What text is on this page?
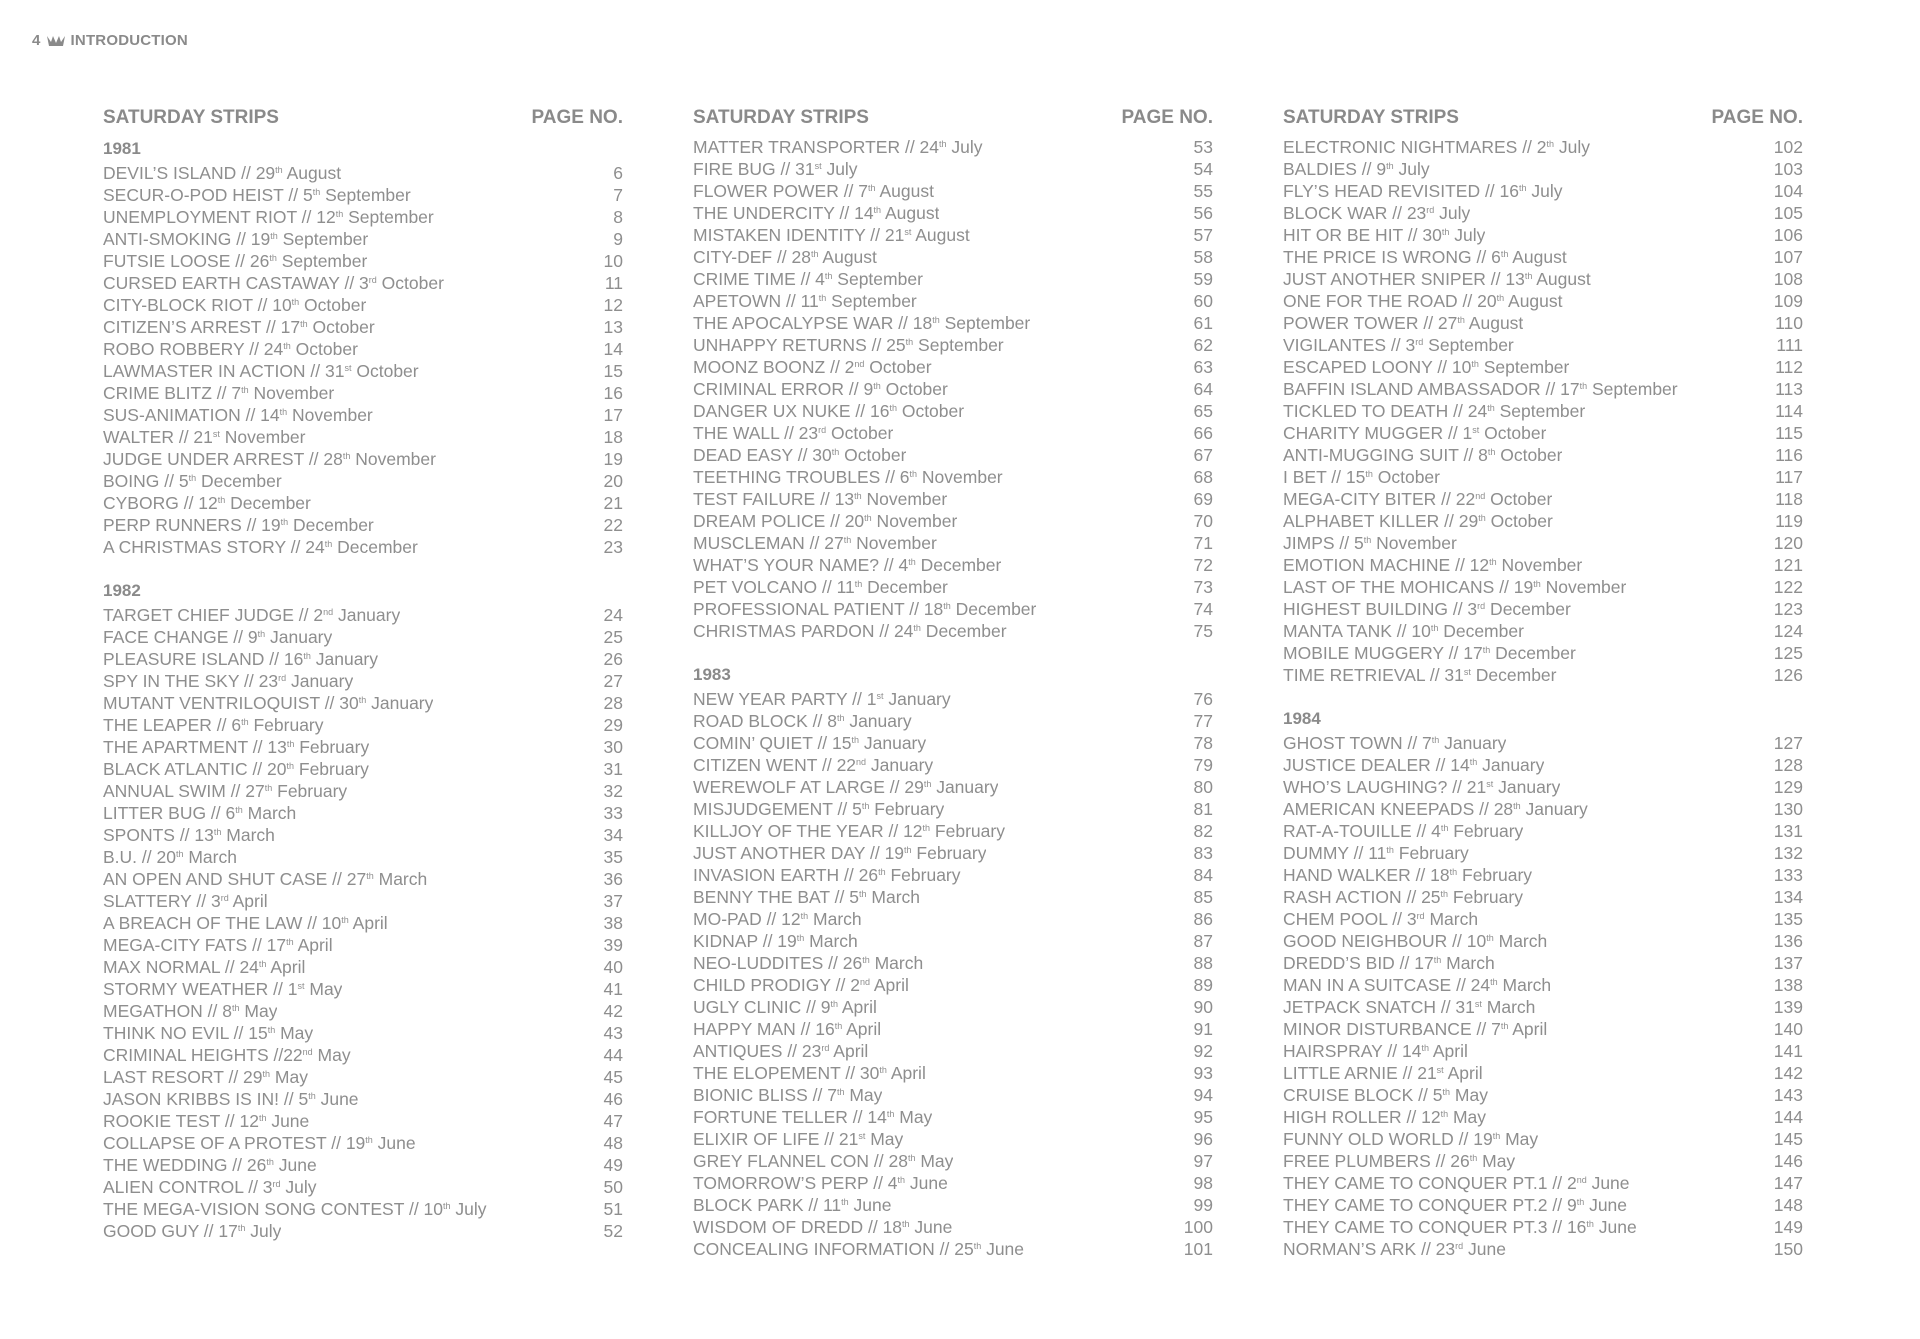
4 INTRODUCTION
SATURDAY STRIPS	PAGE NO.
1981
DEVIL’S ISLAND // 29th August	6
SECUR-O-POD HEIST // 5th September	7
UNEMPLOYMENT RIOT // 12th September	8
ANTI-SMOKING // 19th September	9
FUTSIE LOOSE // 26th September	10
CURSED EARTH CASTAWAY // 3rd October	11
CITY-BLOCK RIOT // 10th October	12
CITIZEN’S ARREST // 17th October	13
ROBO ROBBERY // 24th October	14
LAWMASTER IN ACTION // 31st October	15
CRIME BLITZ // 7th November	16
SUS-ANIMATION // 14th November	17
WALTER // 21st November	18
JUDGE UNDER ARREST // 28th November	19
BOING // 5th December	20
CYBORG // 12th December	21
PERP RUNNERS // 19th December	22
A CHRISTMAS STORY // 24th December	23
1982
TARGET CHIEF JUDGE // 2nd January	24
FACE CHANGE // 9th January	25
PLEASURE ISLAND // 16th January	26
SPY IN THE SKY // 23rd January	27
MUTANT VENTRILOQUIST // 30th January	28
THE LEAPER // 6th February	29
THE APARTMENT // 13th February	30
BLACK ATLANTIC // 20th February	31
ANNUAL SWIM // 27th February	32
LITTER BUG // 6th March	33
SPONTS // 13th March	34
B.U. // 20th March	35
AN OPEN AND SHUT CASE // 27th March	36
SLATTERY // 3rd April	37
A BREACH OF THE LAW // 10th April	38
MEGA-CITY FATS // 17th April	39
MAX NORMAL // 24th April	40
STORMY WEATHER // 1st May	41
MEGATHON // 8th May	42
THINK NO EVIL // 15th May	43
CRIMINAL HEIGHTS //22nd May	44
LAST RESORT // 29th May	45
JASON KRIBBS IS IN! // 5th June	46
ROOKIE TEST // 12th June	47
COLLAPSE OF A PROTEST // 19th June	48
THE WEDDING // 26th June	49
ALIEN CONTROL // 3rd July	50
THE MEGA-VISION SONG CONTEST // 10th July	51
GOOD GUY // 17th July	52
SATURDAY STRIPS	PAGE NO.
MATTER TRANSPORTER // 24th July	53
FIRE BUG // 31st July	54
FLOWER POWER // 7th August	55
THE UNDERCITY // 14th August	56
MISTAKEN IDENTITY // 21st August	57
CITY-DEF // 28th August	58
CRIME TIME // 4th September	59
APETOWN // 11th September	60
THE APOCALYPSE WAR // 18th September	61
UNHAPPY RETURNS // 25th September	62
MOONZ BOONZ // 2nd October	63
CRIMINAL ERROR // 9th October	64
DANGER UX NUKE // 16th October	65
THE WALL // 23rd October	66
DEAD EASY // 30th October	67
TEETHING TROUBLES // 6th November	68
TEST FAILURE // 13th November	69
DREAM POLICE // 20th November	70
MUSCLEMAN // 27th November	71
WHAT’S YOUR NAME? // 4th December	72
PET VOLCANO // 11th December	73
PROFESSIONAL PATIENT // 18th December	74
CHRISTMAS PARDON // 24th December	75
1983
NEW YEAR PARTY // 1st January	76
ROAD BLOCK // 8th January	77
COMIN’ QUIET // 15th January	78
CITIZEN WENT // 22nd January	79
WEREWOLF AT LARGE // 29th January	80
MISJUDGEMENT // 5th February	81
KILLJOY OF THE YEAR // 12th February	82
JUST ANOTHER DAY // 19th February	83
INVASION EARTH // 26th February	84
BENNY THE BAT // 5th March	85
MO-PAD // 12th March	86
KIDNAP // 19th March	87
NEO-LUDDITES // 26th March	88
CHILD PRODIGY // 2nd April	89
UGLY CLINIC // 9th April	90
HAPPY MAN // 16th April	91
ANTIQUES // 23rd April	92
THE ELOPEMENT // 30th April	93
BIONIC BLISS // 7th May	94
FORTUNE TELLER // 14th May	95
ELIXIR OF LIFE // 21st May	96
GREY FLANNEL CON // 28th May	97
TOMORROW’S PERP // 4th June	98
BLOCK PARK // 11th June	99
WISDOM OF DREDD // 18th June	100
CONCEALING INFORMATION // 25th June	101
SATURDAY STRIPS	PAGE NO.
ELECTRONIC NIGHTMARES // 2th July	102
BALDIES // 9th July	103
FLY’S HEAD REVISITED // 16th July	104
BLOCK WAR // 23rd July	105
HIT OR BE HIT // 30th July	106
THE PRICE IS WRONG // 6th August	107
JUST ANOTHER SNIPER // 13th August	108
ONE FOR THE ROAD // 20th August	109
POWER TOWER // 27th August	110
VIGILANTES // 3rd September	111
ESCAPED LOONY // 10th September	112
BAFFIN ISLAND AMBASSADOR // 17th September	113
TICKLED TO DEATH // 24th September	114
CHARITY MUGGER // 1st October	115
ANTI-MUGGING SUIT // 8th October	116
I BET // 15th October	117
MEGA-CITY BITER // 22nd October	118
ALPHABET KILLER // 29th October	119
JIMPS // 5th November	120
EMOTION MACHINE // 12th November	121
LAST OF THE MOHICANS // 19th November	122
HIGHEST BUILDING // 3rd December	123
MANTA TANK // 10th December	124
MOBILE MUGGERY // 17th December	125
TIME RETRIEVAL // 31st December	126
1984
GHOST TOWN // 7th January	127
JUSTICE DEALER // 14th January	128
WHO’S LAUGHING? // 21st January	129
AMERICAN KNEEPADS // 28th January	130
RAT-A-TOUILLE // 4th February	131
DUMMY // 11th February	132
HAND WALKER // 18th February	133
RASH ACTION // 25th February	134
CHEM POOL // 3rd March	135
GOOD NEIGHBOUR // 10th March	136
DREDD’S BID // 17th March	137
MAN IN A SUITCASE // 24th March	138
JETPACK SNATCH // 31st March	139
MINOR DISTURBANCE // 7th April	140
HAIRSPRAY // 14th April	141
LITTLE ARNIE // 21st April	142
CRUISE BLOCK // 5th May	143
HIGH ROLLER // 12th May	144
FUNNY OLD WORLD // 19th May	145
FREE PLUMBERS // 26th May	146
THEY CAME TO CONQUER PT.1 // 2nd June	147
THEY CAME TO CONQUER PT.2 // 9th June	148
THEY CAME TO CONQUER PT.3 // 16th June	149
NORMAN’S ARK // 23rd June	150
